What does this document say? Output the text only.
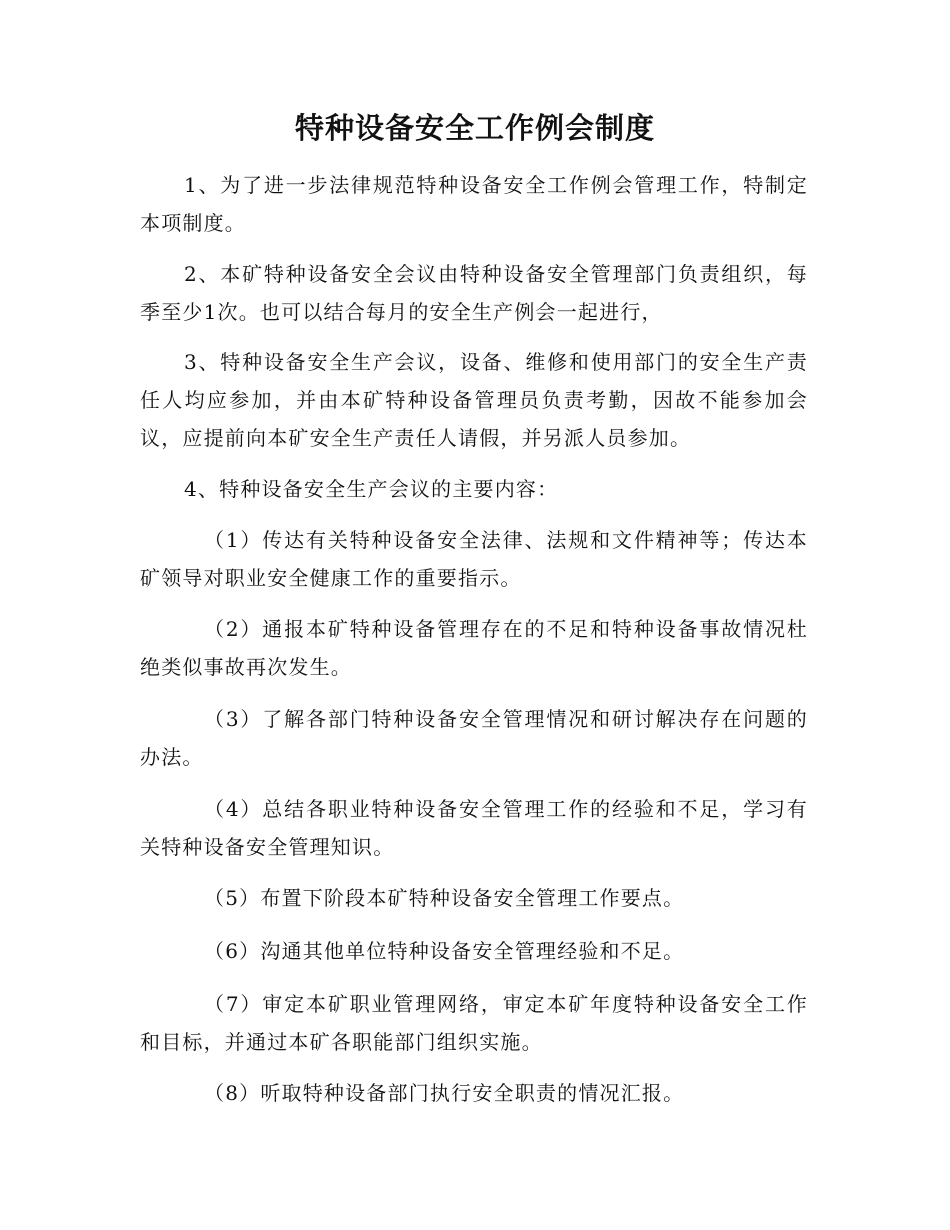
特种设备安全工作例会制度

1、为了进一步法律规范特种设备安全工作例会管理工作，特制定本项制度。

2、本矿特种设备安全会议由特种设备安全管理部门负责组织，每季至少1次。也可以结合每月的安全生产例会一起进行，

3、特种设备安全生产会议，设备、维修和使用部门的安全生产责任人均应参加，并由本矿特种设备管理员负责考勤，因故不能参加会议，应提前向本矿安全生产责任人请假，并另派人员参加。

4、特种设备安全生产会议的主要内容：

（1）传达有关特种设备安全法律、法规和文件精神等；传达本矿领导对职业安全健康工作的重要指示。

（2）通报本矿特种设备管理存在的不足和特种设备事故情况杜绝类似事故再次发生。

（3）了解各部门特种设备安全管理情况和研讨解决存在问题的办法。

（4）总结各职业特种设备安全管理工作的经验和不足，学习有关特种设备安全管理知识。

（5）布置下阶段本矿特种设备安全管理工作要点。

（6）沟通其他单位特种设备安全管理经验和不足。

（7）审定本矿职业管理网络，审定本矿年度特种设备安全工作和目标，并通过本矿各职能部门组织实施。

（8）听取特种设备部门执行安全职责的情况汇报。
